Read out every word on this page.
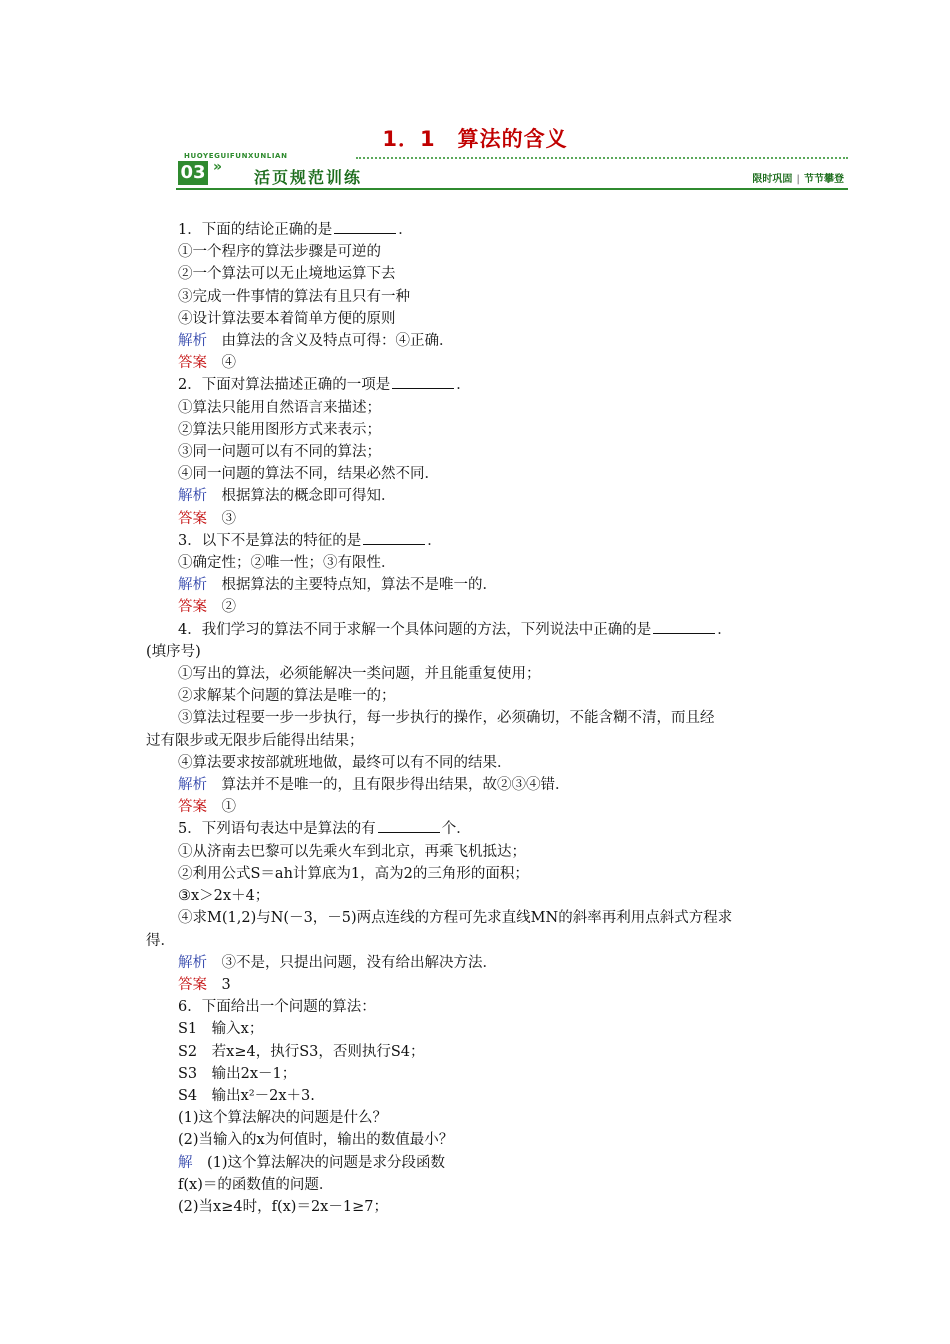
1．1　算法的含义
HUOYEGUIFUNXUNLIAN
03 »
活页规范训练	限时巩固 | 节节攀登
1．下面的结论正确的是	．
①一个程序的算法步骤是可逆的
②一个算法可以无止境地运算下去
③完成一件事情的算法有且只有一种
④设计算法要本着简单方便的原则
解析　由算法的含义及特点可得：④正确．
答案　④
2．下面对算法描述正确的一项是	．
①算法只能用自然语言来描述；
②算法只能用图形方式来表示；
③同一问题可以有不同的算法；
④同一问题的算法不同，结果必然不同．
解析　根据算法的概念即可得知．
答案　③
3．以下不是算法的特征的是	．
①确定性；②唯一性；③有限性．
解析　根据算法的主要特点知，算法不是唯一的．
答案　②
4．我们学习的算法不同于求解一个具体问题的方法，下列说法中正确的是	．
(填序号)
①写出的算法，必须能解决一类问题，并且能重复使用；
②求解某个问题的算法是唯一的；
③算法过程要一步一步执行，每一步执行的操作，必须确切，不能含糊不清，而且经
过有限步或无限步后能得出结果；
④算法要求按部就班地做，最终可以有不同的结果．
解析　算法并不是唯一的，且有限步得出结果，故②③④错．
答案　①
5．下列语句表达中是算法的有	个．
①从济南去巴黎可以先乘火车到北京，再乘飞机抵达；
②利用公式S＝ah计算底为1，高为2的三角形的面积；
③x＞2x＋4；
④求M(1,2)与N(－3，－5)两点连线的方程可先求直线MN的斜率再利用点斜式方程求
得．
解析　③不是，只提出问题，没有给出解决方法．
答案　3
6．下面给出一个问题的算法：
S1　输入x；
S2　若x≥4，执行S3，否则执行S4；
S3　输出2x－1；
S4　输出x²－2x＋3.
(1)这个算法解决的问题是什么？
(2)当输入的x为何值时，输出的数值最小？
解　(1)这个算法解决的问题是求分段函数
f(x)＝的函数值的问题．
(2)当x≥4时，f(x)＝2x－1≥7；
